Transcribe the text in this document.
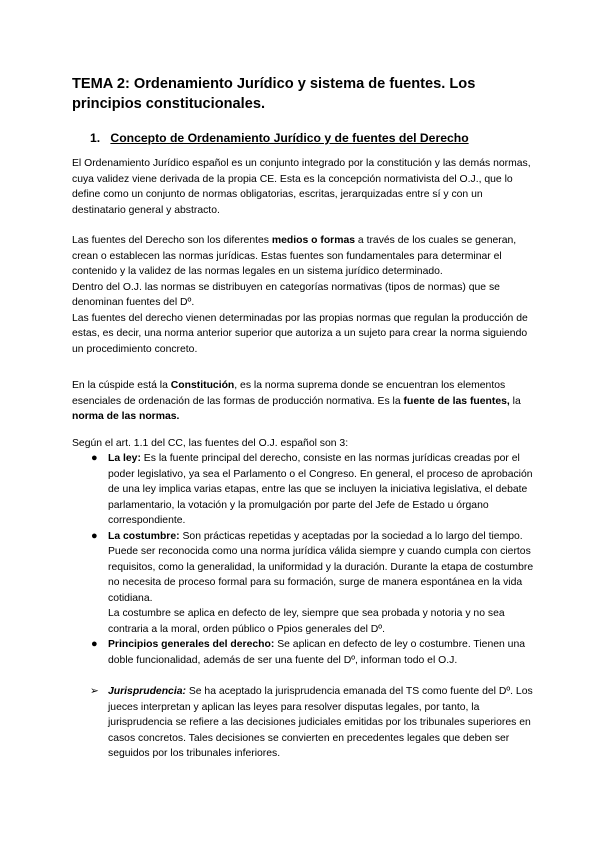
TEMA 2: Ordenamiento Jurídico y sistema de fuentes. Los principios constitucionales.
1. Concepto de Ordenamiento Jurídico y de fuentes del Derecho

El Ordenamiento Jurídico español es un conjunto integrado por la constitución y las demás normas, cuya validez viene derivada de la propia CE. Esta es la concepción normativista del O.J., que lo define como un conjunto de normas obligatorias, escritas, jerarquizadas entre sí y con un destinatario general y abstracto.

Las fuentes del Derecho son los diferentes medios o formas a través de los cuales se generan, crean o establecen las normas jurídicas. Estas fuentes son fundamentales para determinar el contenido y la validez de las normas legales en un sistema jurídico determinado.
Dentro del O.J. las normas se distribuyen en categorías normativas (tipos de normas) que se denominan fuentes del Dº.
Las fuentes del derecho vienen determinadas por las propias normas que regulan la producción de estas, es decir, una norma anterior superior que autoriza a un sujeto para crear la norma siguiendo un procedimiento concreto.
En la cúspide está la Constitución, es la norma suprema donde se encuentran los elementos esenciales de ordenación de las formas de producción normativa. Es la fuente de las fuentes, la norma de las normas.

Según el art. 1.1 del CC, las fuentes del O.J. español son 3:

● La ley: Es la fuente principal del derecho, consiste en las normas jurídicas creadas por el poder legislativo, ya sea el Parlamento o el Congreso. En general, el proceso de aprobación de una ley implica varias etapas, entre las que se incluyen la iniciativa legislativa, el debate parlamentario, la votación y la promulgación por parte del Jefe de Estado u órgano correspondiente.
● La costumbre: Son prácticas repetidas y aceptadas por la sociedad a lo largo del tiempo. Puede ser reconocida como una norma jurídica válida siempre y cuando cumpla con ciertos requisitos, como la generalidad, la uniformidad y la duración. Durante la etapa de costumbre no necesita de proceso formal para su formación, surge de manera espontánea en la vida cotidiana.
La costumbre se aplica en defecto de ley, siempre que sea probada y notoria y no sea contraria a la moral, orden público o Ppios generales del Dº.
● Principios generales del derecho: Se aplican en defecto de ley o costumbre. Tienen una doble funcionalidad, además de ser una fuente del Dº, informan todo el O.J.
➢ Jurisprudencia: Se ha aceptado la jurisprudencia emanada del TS como fuente del Dº. Los jueces interpretan y aplican las leyes para resolver disputas legales, por tanto, la jurisprudencia se refiere a las decisiones judiciales emitidas por los tribunales superiores en casos concretos. Tales decisiones se convierten en precedentes legales que deben ser seguidos por los tribunales inferiores.
